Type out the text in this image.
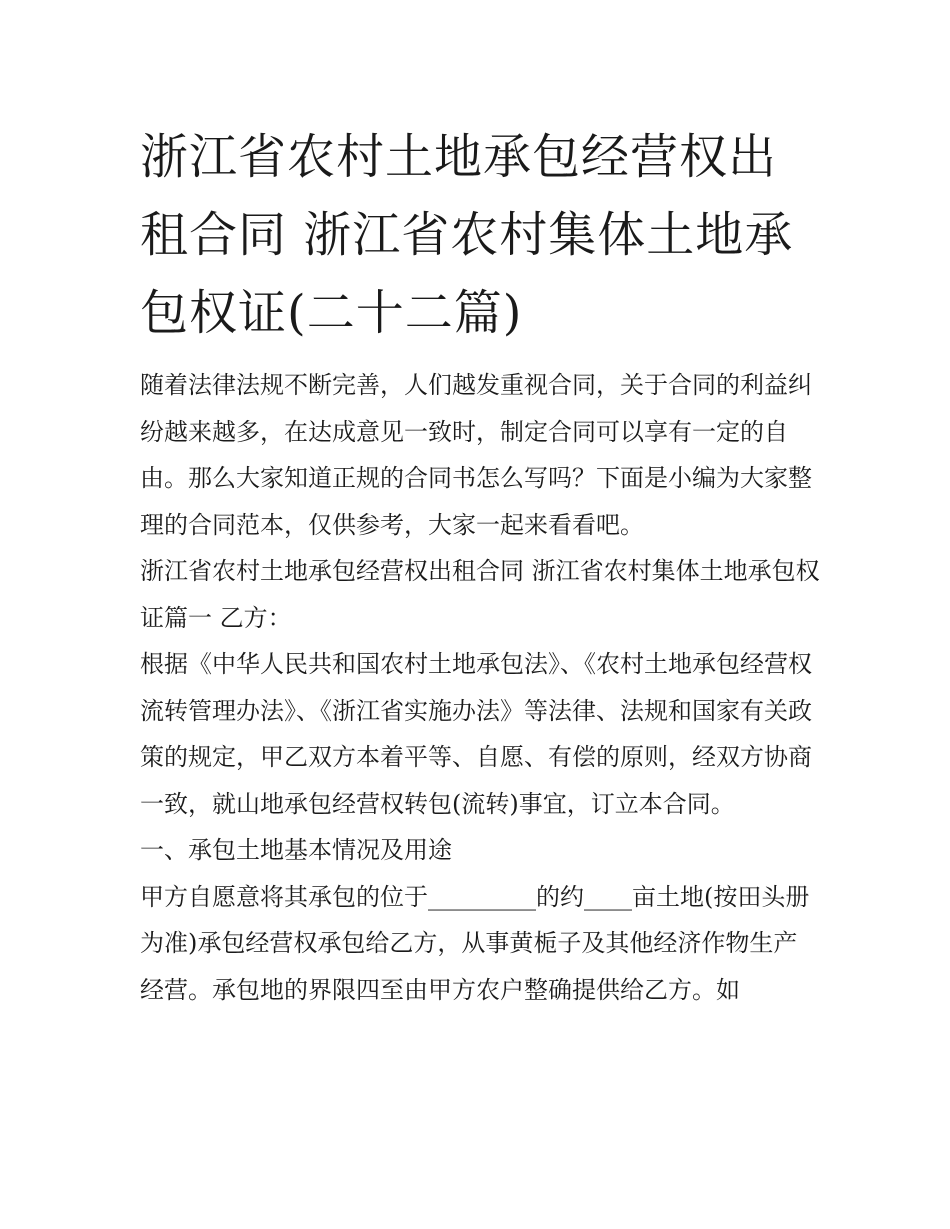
浙江省农村土地承包经营权出租合同 浙江省农村集体土地承包权证(二十二篇)

随着法律法规不断完善，人们越发重视合同，关于合同的利益纠纷越来越多，在达成意见一致时，制定合同可以享有一定的自由。那么大家知道正规的合同书怎么写吗？下面是小编为大家整理的合同范本，仅供参考，大家一起来看看吧。

浙江省农村土地承包经营权出租合同 浙江省农村集体土地承包权证篇一 乙方：

根据《中华人民共和国农村土地承包法》、《农村土地承包经营权流转管理办法》、《浙江省实施办法》等法律、法规和国家有关政策的规定，甲乙双方本着平等、自愿、有偿的原则，经双方协商一致，就山地承包经营权转包(流转)事宜，订立本合同。

一、承包土地基本情况及用途

甲方自愿意将其承包的位于_________的约____亩土地(按田头册为准)承包经营权承包给乙方，从事黄栀子及其他经济作物生产经营。承包地的界限四至由甲方农户整确提供给乙方。如
